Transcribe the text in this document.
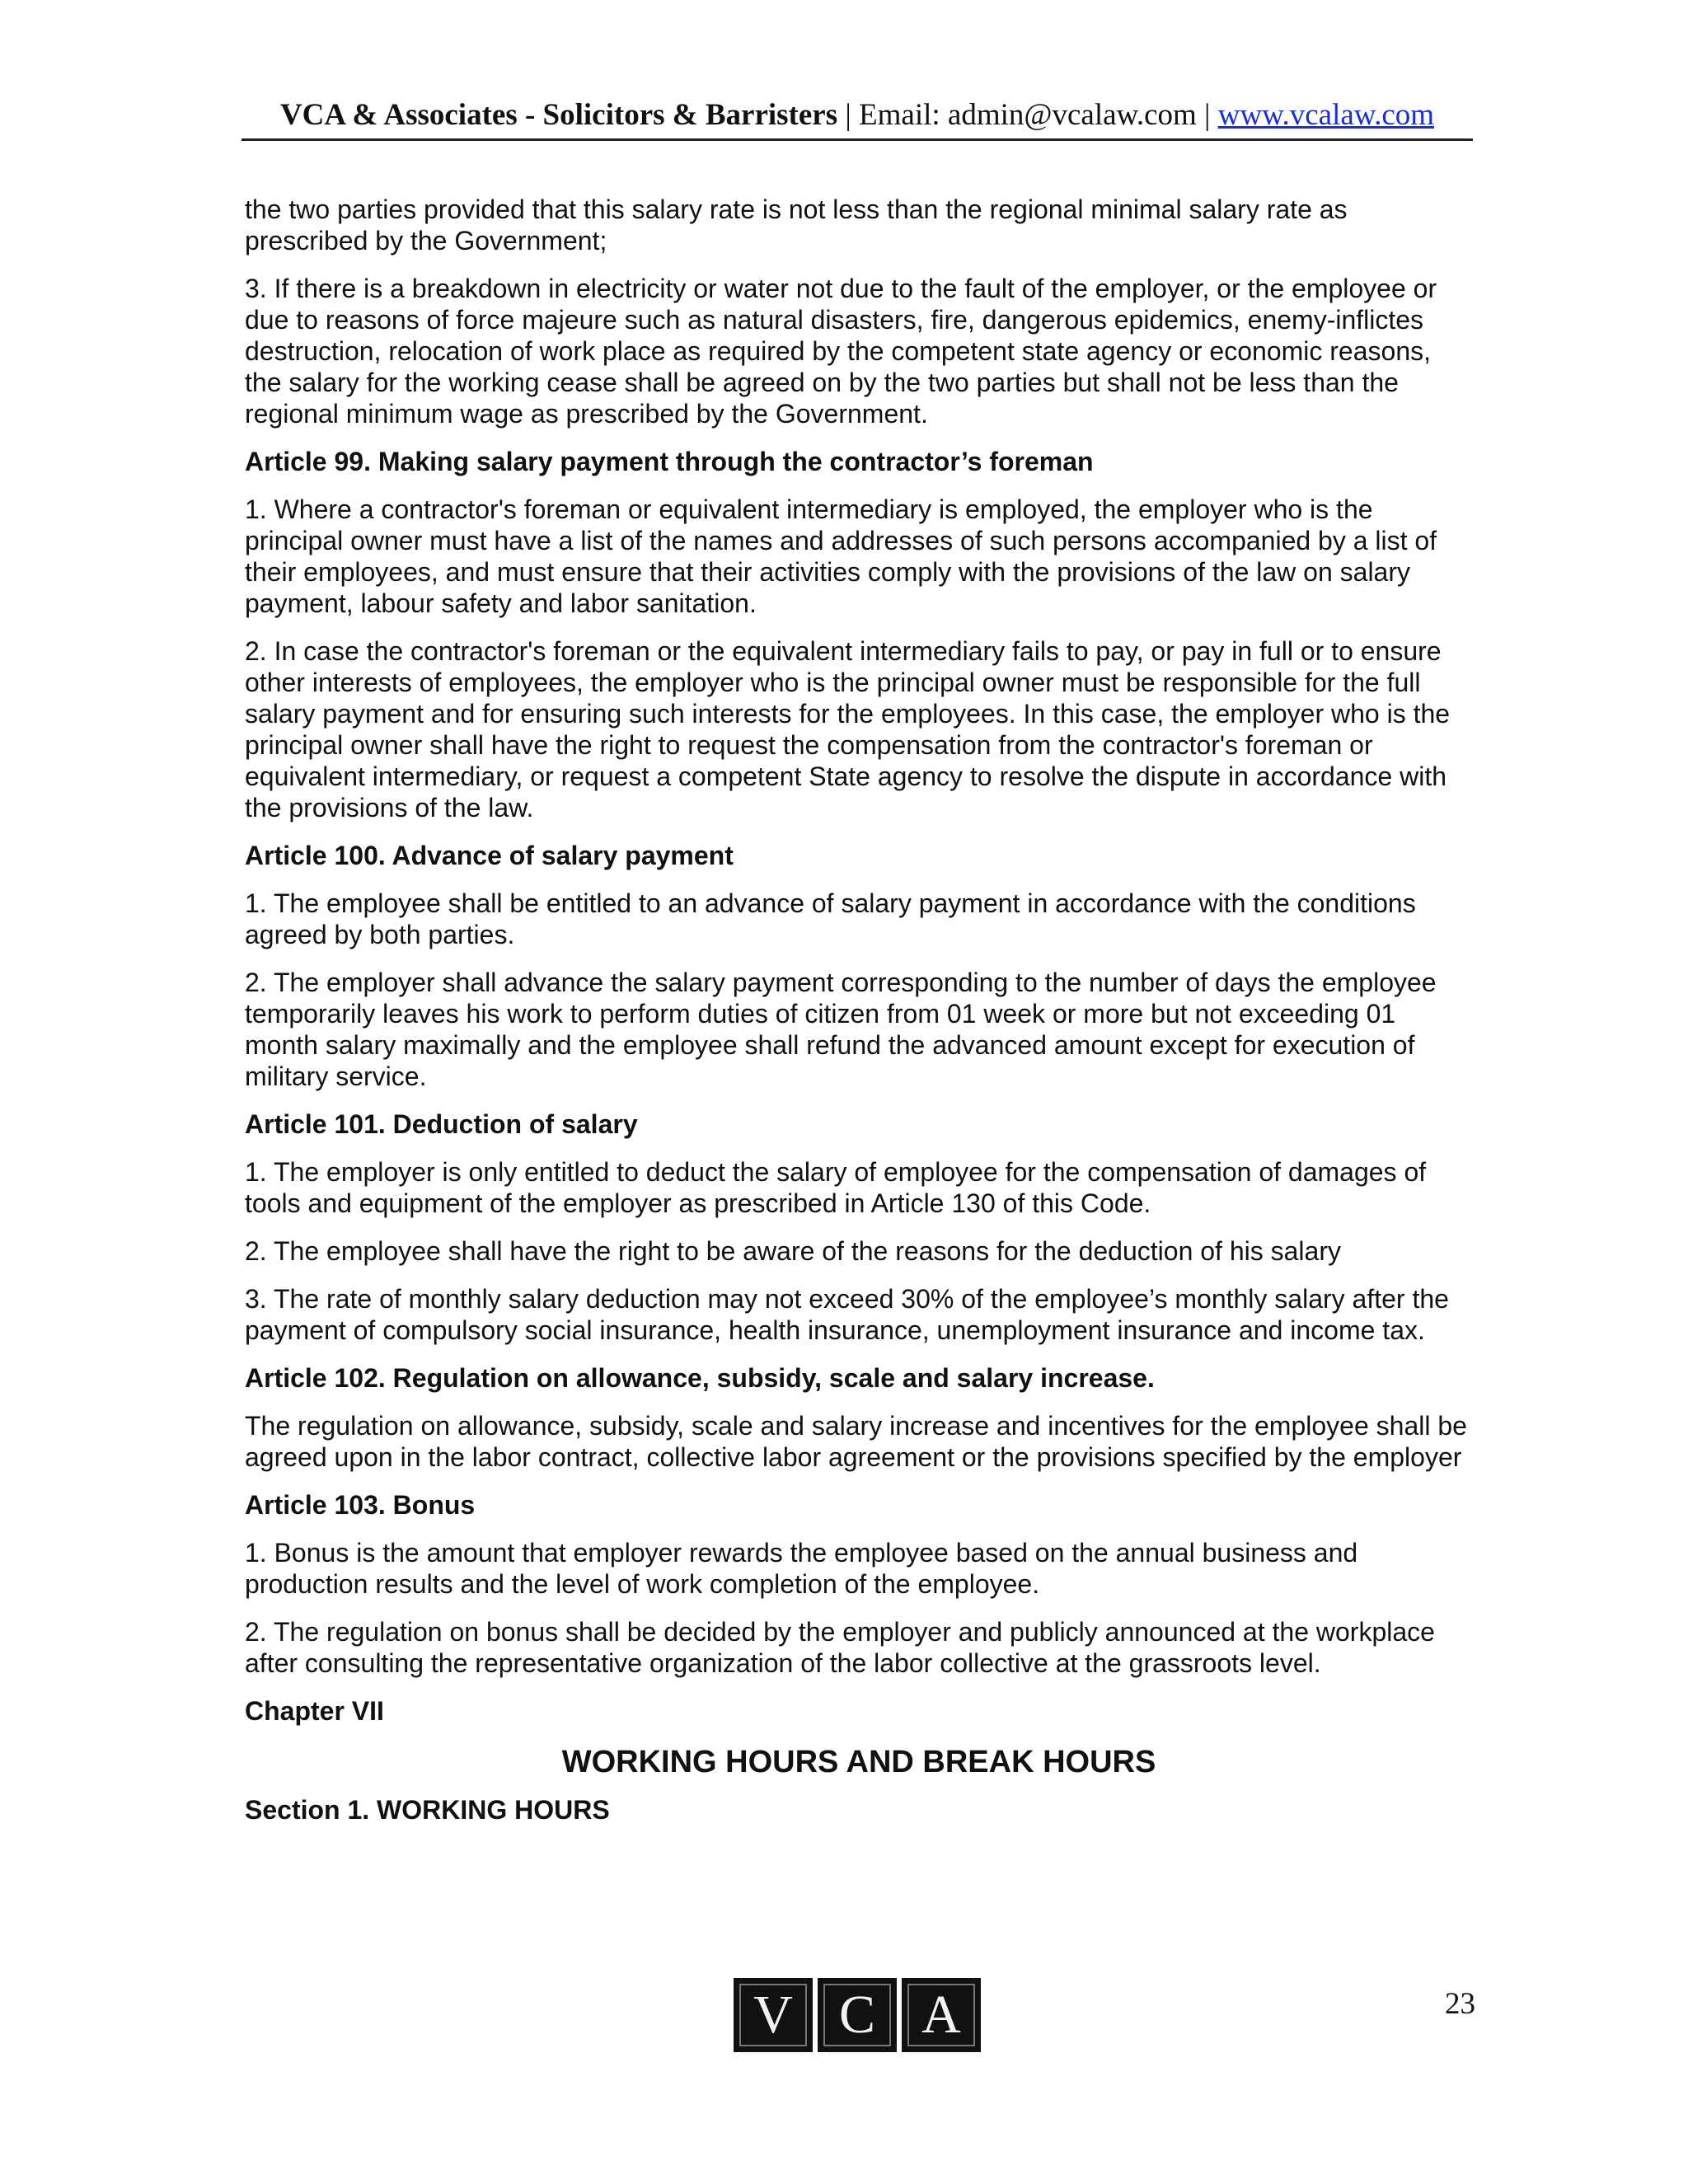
VCA & Associates - Solicitors & Barristers | Email: admin@vcalaw.com | www.vcalaw.com

the two parties provided that this salary rate is not less than the regional minimal salary rate as prescribed by the Government;

3. If there is a breakdown in electricity or water not due to the fault of the employer, or the employee or due to reasons of force majeure such as natural disasters, fire, dangerous epidemics, enemy-inflictes destruction, relocation of work place as required by the competent state agency or economic reasons, the salary for the working cease shall be agreed on by the two parties but shall not be less than the regional minimum wage as prescribed by the Government.

Article 99. Making salary payment through the contractor’s foreman

1. Where a contractor's foreman or equivalent intermediary is employed, the employer who is the principal owner must have a list of the names and addresses of such persons accompanied by a list of their employees, and must ensure that their activities comply with the provisions of the law on salary payment, labour safety and labor sanitation.

2. In case the contractor's foreman or the equivalent intermediary fails to pay, or pay in full or to ensure other interests of employees, the employer who is the principal owner must be responsible for the full salary payment and for ensuring such interests for the employees. In this case, the employer who is the principal owner shall have the right to request the compensation from the contractor's foreman or equivalent intermediary, or request a competent State agency to resolve the dispute in accordance with the provisions of the law.

Article 100. Advance of salary payment

1. The employee shall be entitled to an advance of salary payment in accordance with the conditions agreed by both parties.

2. The employer shall advance the salary payment corresponding to the number of days the employee temporarily leaves his work to perform duties of citizen from 01 week or more but not exceeding 01 month salary maximally and the employee shall refund the advanced amount except for execution of military service.

Article 101. Deduction of salary

1. The employer is only entitled to deduct the salary of employee for the compensation of damages of tools and equipment of the employer as prescribed in Article 130 of this Code.

2. The employee shall have the right to be aware of the reasons for the deduction of his salary

3. The rate of monthly salary deduction may not exceed 30% of the employee’s monthly salary after the payment of compulsory social insurance, health insurance, unemployment insurance and income tax.

Article 102. Regulation on allowance, subsidy, scale and salary increase.

The regulation on allowance, subsidy, scale and salary increase and incentives for the employee shall be agreed upon in the labor contract, collective labor agreement or the provisions specified by the employer

Article 103. Bonus

1. Bonus is the amount that employer rewards the employee based on the annual business and production results and the level of work completion of the employee.

2. The regulation on bonus shall be decided by the employer and publicly announced at the workplace after consulting the representative organization of the labor collective at the grassroots level.

Chapter VII

WORKING HOURS AND BREAK HOURS

Section 1. WORKING HOURS

V C A	23
